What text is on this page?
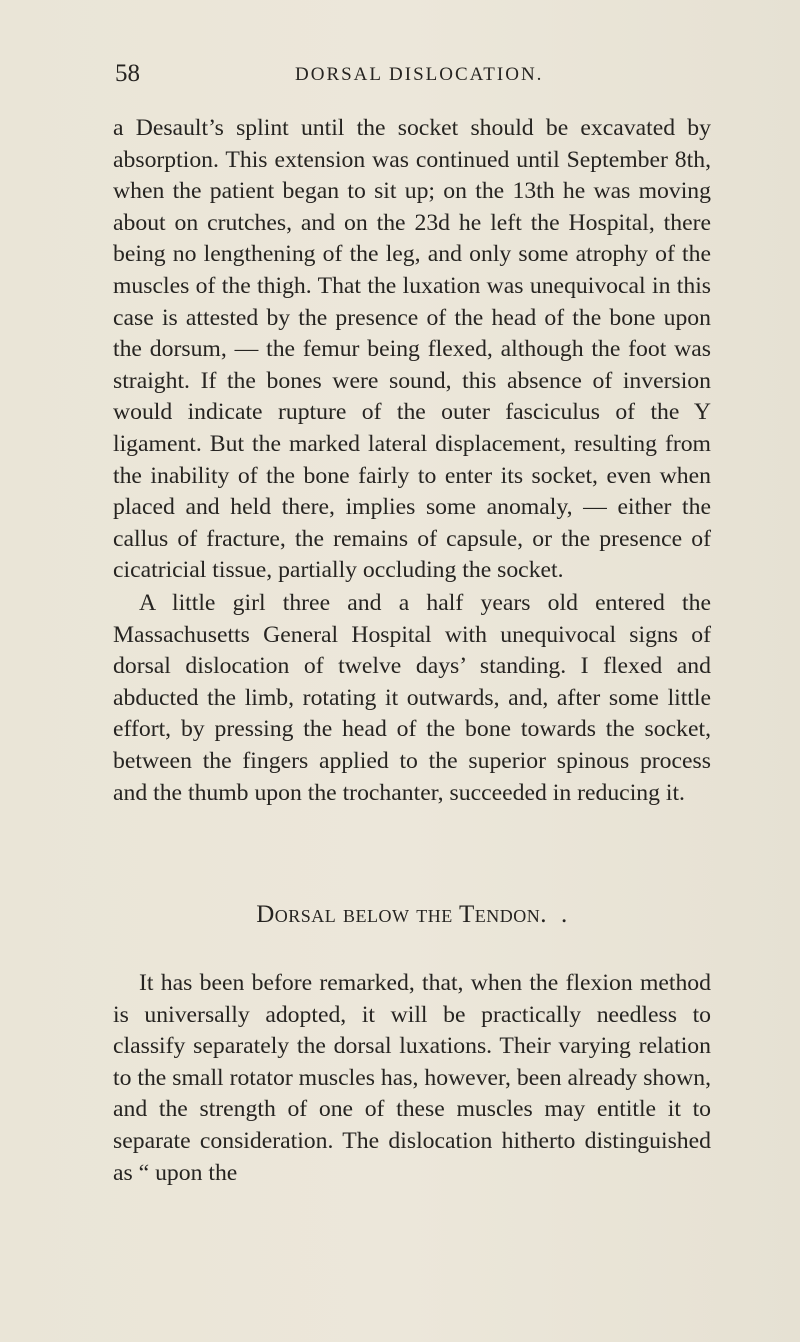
58	DORSAL DISLOCATION.

a Desault’s splint until the socket should be excavated by absorption. This extension was continued until September 8th, when the patient began to sit up; on the 13th he was moving about on crutches, and on the 23d he left the Hospital, there being no lengthening of the leg, and only some atrophy of the muscles of the thigh. That the luxation was unequivocal in this case is attested by the presence of the head of the bone upon the dorsum, — the femur being flexed, although the foot was straight. If the bones were sound, this absence of inversion would indicate rupture of the outer fasciculus of the Y ligament. But the marked lateral displacement, resulting from the inability of the bone fairly to enter its socket, even when placed and held there, implies some anomaly, — either the callus of fracture, the remains of capsule, or the presence of cicatricial tissue, partially occluding the socket.

A little girl three and a half years old entered the Massachusetts General Hospital with unequivocal signs of dorsal dislocation of twelve days’ standing. I flexed and abducted the limb, rotating it outwards, and, after some little effort, by pressing the head of the bone towards the socket, between the fingers applied to the superior spinous process and the thumb upon the trochanter, succeeded in reducing it.

Dorsal below the Tendon. .

It has been before remarked, that, when the flexion method is universally adopted, it will be practically needless to classify separately the dorsal luxations. Their varying relation to the small rotator muscles has, however, been already shown, and the strength of one of these muscles may entitle it to separate consideration. The dislocation hitherto distinguished as “ upon the
